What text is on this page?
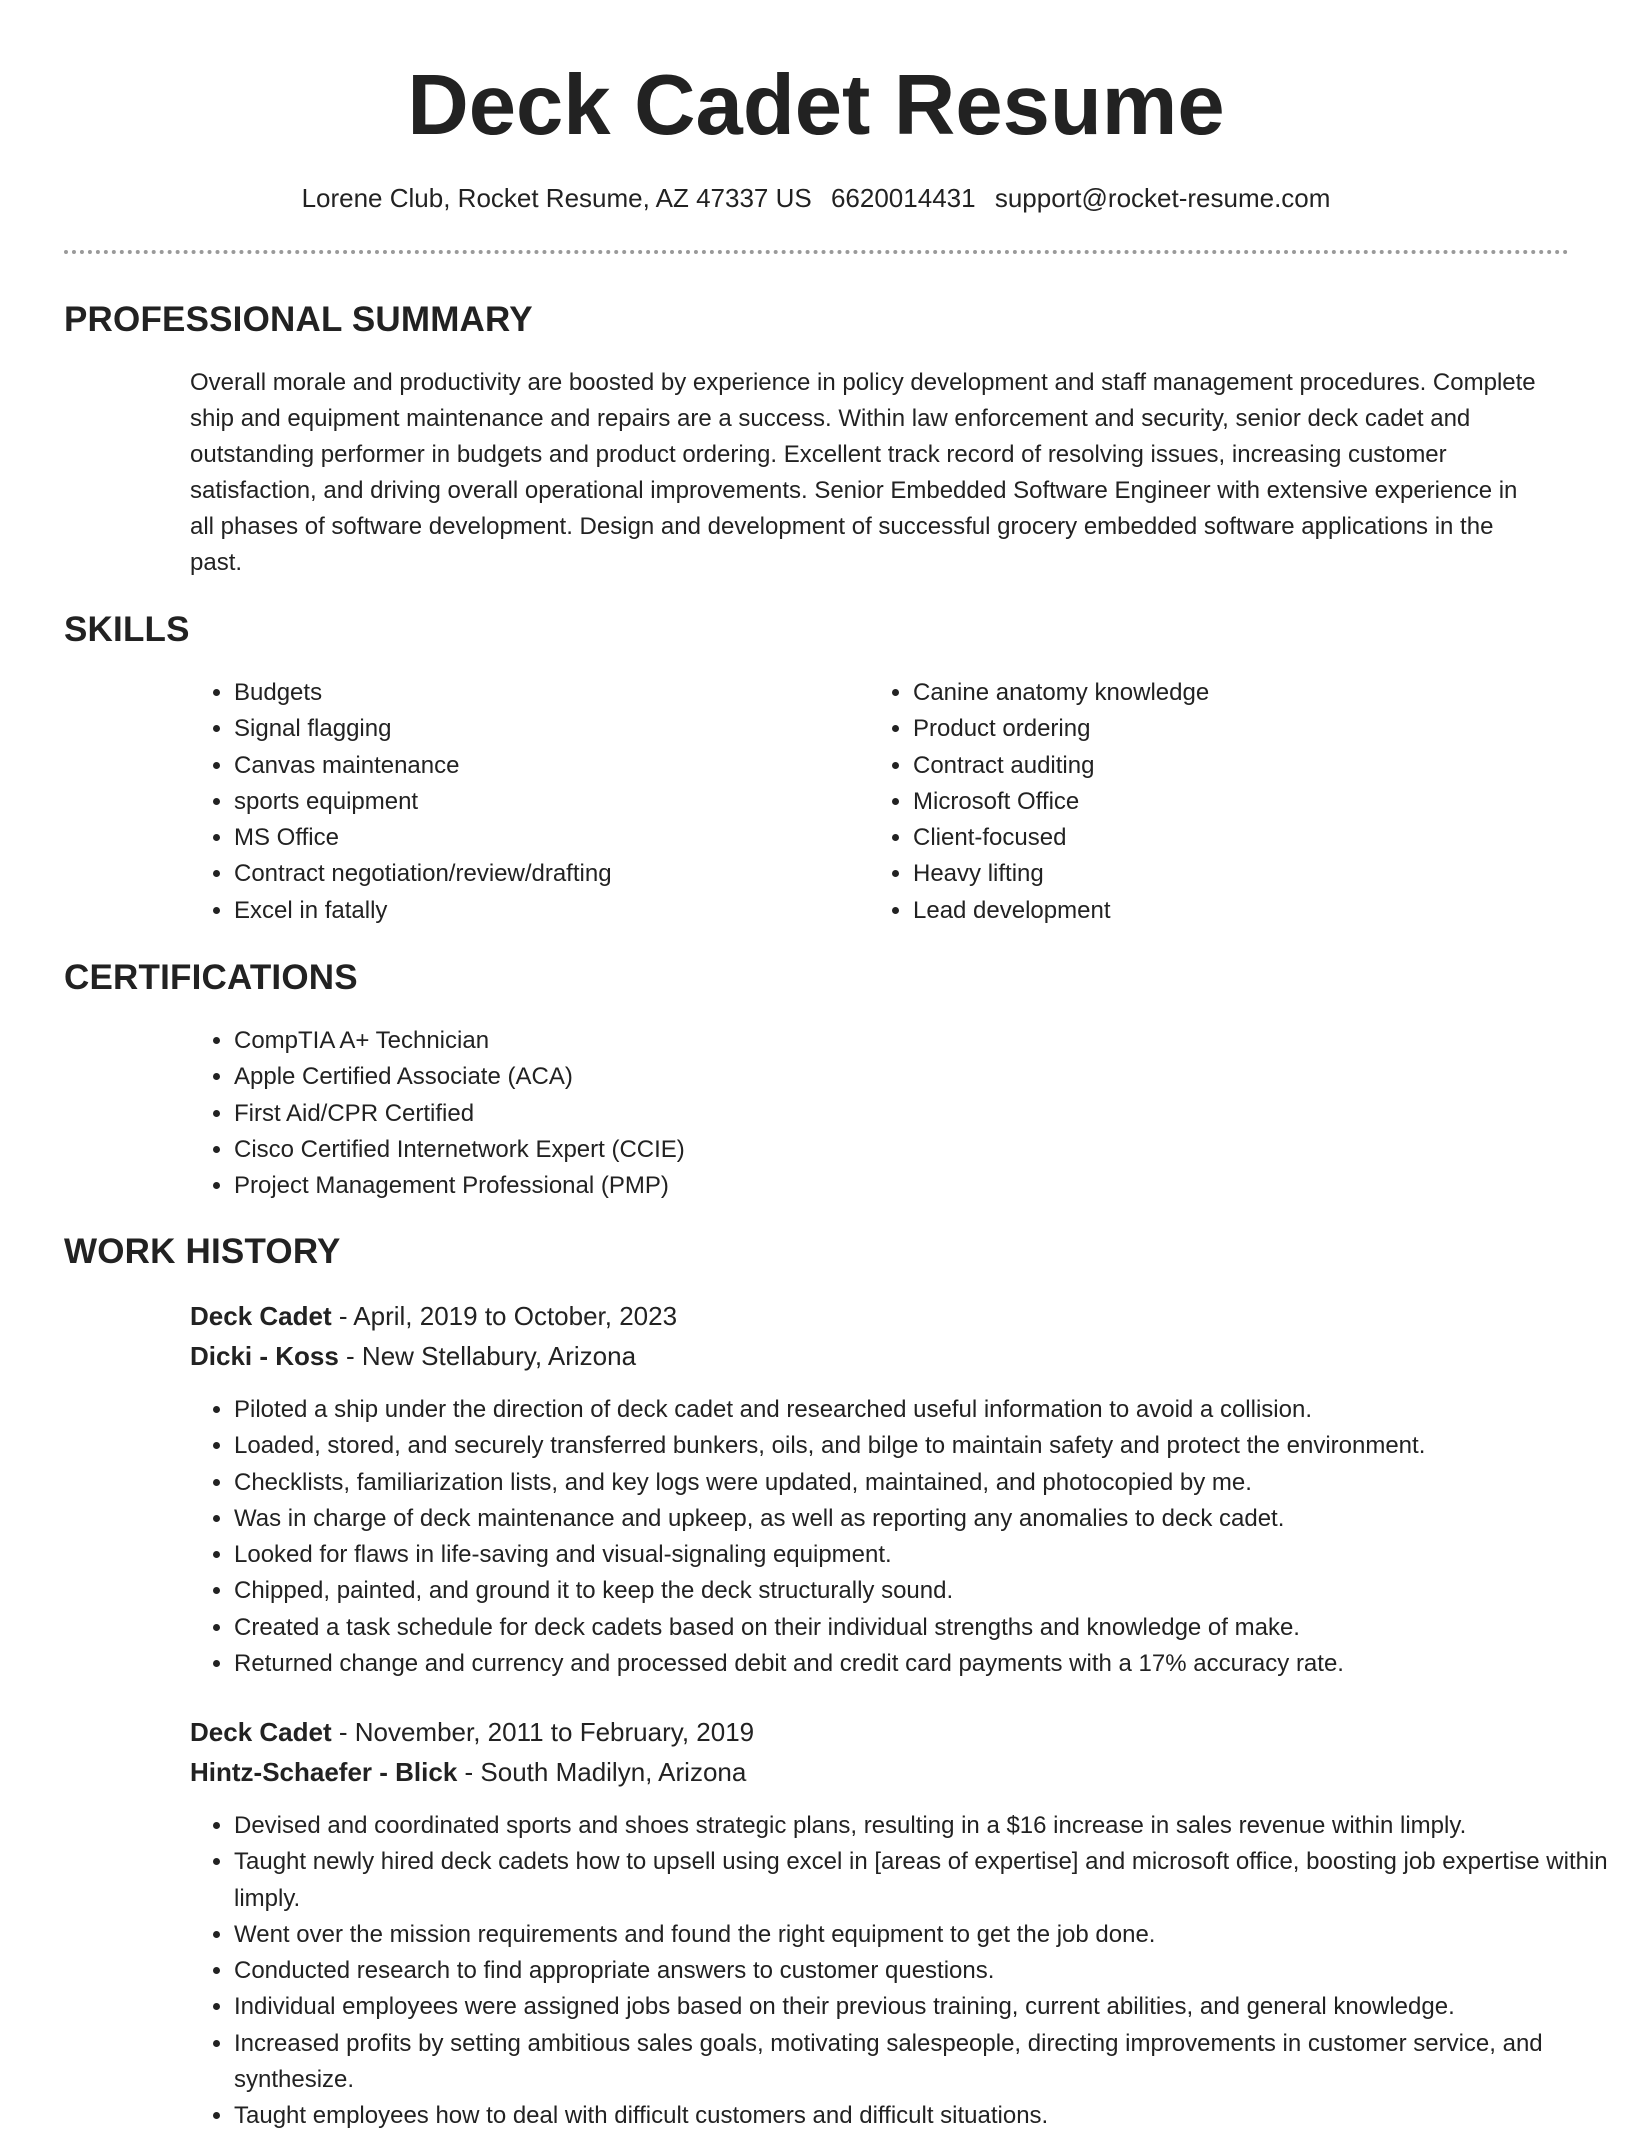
Deck Cadet Resume
Lorene Club, Rocket Resume, AZ 47337 US 6620014431 support@rocket-resume.com
PROFESSIONAL SUMMARY

Overall morale and productivity are boosted by experience in policy development and staff management procedures. Complete ship and equipment maintenance and repairs are a success. Within law enforcement and security, senior deck cadet and outstanding performer in budgets and product ordering. Excellent track record of resolving issues, increasing customer satisfaction, and driving overall operational improvements. Senior Embedded Software Engineer with extensive experience in all phases of software development. Design and development of successful grocery embedded software applications in the past.

SKILLS
• Budgets
• Signal flagging
• Canvas maintenance
• sports equipment
• MS Office
• Contract negotiation/review/drafting
• Excel in fatally
• Canine anatomy knowledge
• Product ordering
• Contract auditing
• Microsoft Office
• Client-focused
• Heavy lifting
• Lead development
CERTIFICATIONS
• CompTIA A+ Technician
• Apple Certified Associate (ACA)
• First Aid/CPR Certified
• Cisco Certified Internetwork Expert (CCIE)
• Project Management Professional (PMP)
WORK HISTORY
Deck Cadet - April, 2019 to October, 2023
Dicki - Koss - New Stellabury, Arizona
• Piloted a ship under the direction of deck cadet and researched useful information to avoid a collision.
• Loaded, stored, and securely transferred bunkers, oils, and bilge to maintain safety and protect the environment.
• Checklists, familiarization lists, and key logs were updated, maintained, and photocopied by me.
• Was in charge of deck maintenance and upkeep, as well as reporting any anomalies to deck cadet.
• Looked for flaws in life-saving and visual-signaling equipment.
• Chipped, painted, and ground it to keep the deck structurally sound.
• Created a task schedule for deck cadets based on their individual strengths and knowledge of make.
• Returned change and currency and processed debit and credit card payments with a 17% accuracy rate.
Deck Cadet - November, 2011 to February, 2019
Hintz-Schaefer - Blick - South Madilyn, Arizona
• Devised and coordinated sports and shoes strategic plans, resulting in a $16 increase in sales revenue within limply.
• Taught newly hired deck cadets how to upsell using excel in [areas of expertise] and microsoft office, boosting job expertise within limply.
• Went over the mission requirements and found the right equipment to get the job done.
• Conducted research to find appropriate answers to customer questions.
• Individual employees were assigned jobs based on their previous training, current abilities, and general knowledge.
• Increased profits by setting ambitious sales goals, motivating salespeople, directing improvements in customer service, and synthesize.
• Taught employees how to deal with difficult customers and difficult situations.
